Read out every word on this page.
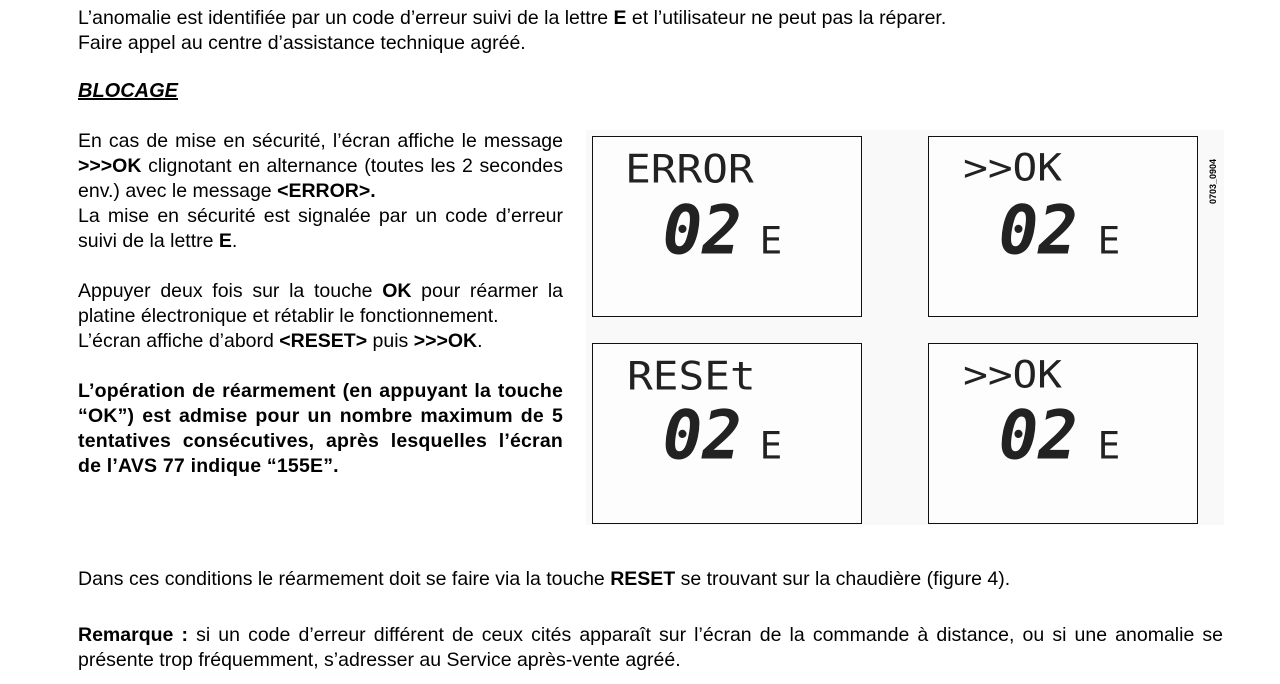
L’anomalie est identifiée par un code d’erreur suivi de la lettre E et l’utilisateur ne peut pas la réparer.
Faire appel au centre d’assistance technique agréé.
BLOCAGE

En cas de mise en sécurité, l’écran affiche le message >>>OK clignotant en alternance (toutes les 2 secondes env.) avec le message <ERROR>.

La mise en sécurité est signalée par un code d’erreur suivi de la lettre E.

Appuyer deux fois sur la touche OK pour réarmer la platine électronique et rétablir le fonctionnement.

L’écran affiche d’abord <RESET> puis >>>OK.

L’opération de réarmement (en appuyant la touche “OK”) est admise pour un nombre maximum de 5 tentatives consécutives, après lesquelles l’écran de l’AVS 77 indique “155E”.

ERROR
02 E
>>OK
02 E
RESEt
02 E
>>OK
02 E
0703_0904
Dans ces conditions le réarmement doit se faire via la touche RESET se trouvant sur la chaudière (figure 4).
Remarque : si un code d’erreur différent de ceux cités apparaît sur l’écran de la commande à distance, ou si une anomalie se présente trop fréquemment, s’adresser au Service après-vente agréé.
